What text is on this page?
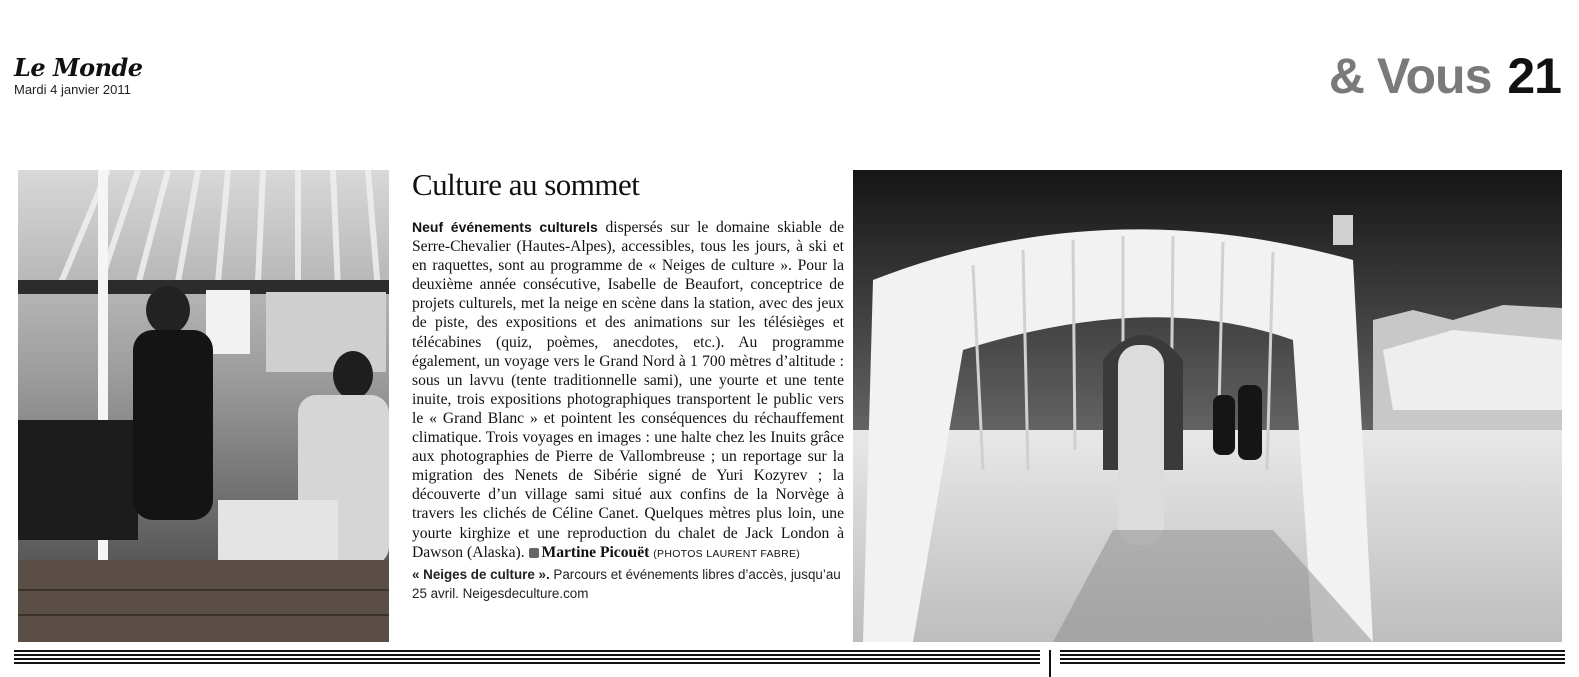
Le Monde
Mardi 4 janvier 2011	& Vous 21
Culture au sommet

Neuf événements culturels dispersés sur le domaine skiable de Serre-Chevalier (Hautes-Alpes), accessibles, tous les jours, à ski et en raquettes, sont au programme de « Neiges de culture ». Pour la deuxième année consécutive, Isabelle de Beaufort, conceptrice de projets culturels, met la neige en scène dans la station, avec des jeux de piste, des expositions et des animations sur les télésièges et télécabines (quiz, poèmes, anecdotes, etc.). Au programme également, un voyage vers le Grand Nord à 1 700 mètres d’altitude : sous un lavvu (tente traditionnelle sami), une yourte et une tente inuite, trois expositions photographiques transportent le public vers le « Grand Blanc » et pointent les conséquences du réchauffement climatique. Trois voyages en images : une halte chez les Inuits grâce aux photographies de Pierre de Vallombreuse ; un reportage sur la migration des Nenets de Sibérie signé de Yuri Kozyrev ; la découverte d’un village sami situé aux confins de la Norvège à travers les clichés de Céline Canet. Quelques mètres plus loin, une yourte kirghize et une reproduction du chalet de Jack London à Dawson (Alaska). Martine Picouët (PHOTOS LAURENT FABRE)

« Neiges de culture ». Parcours et événements libres d’accès, jusqu’au 25 avril. Neigesdeculture.com
